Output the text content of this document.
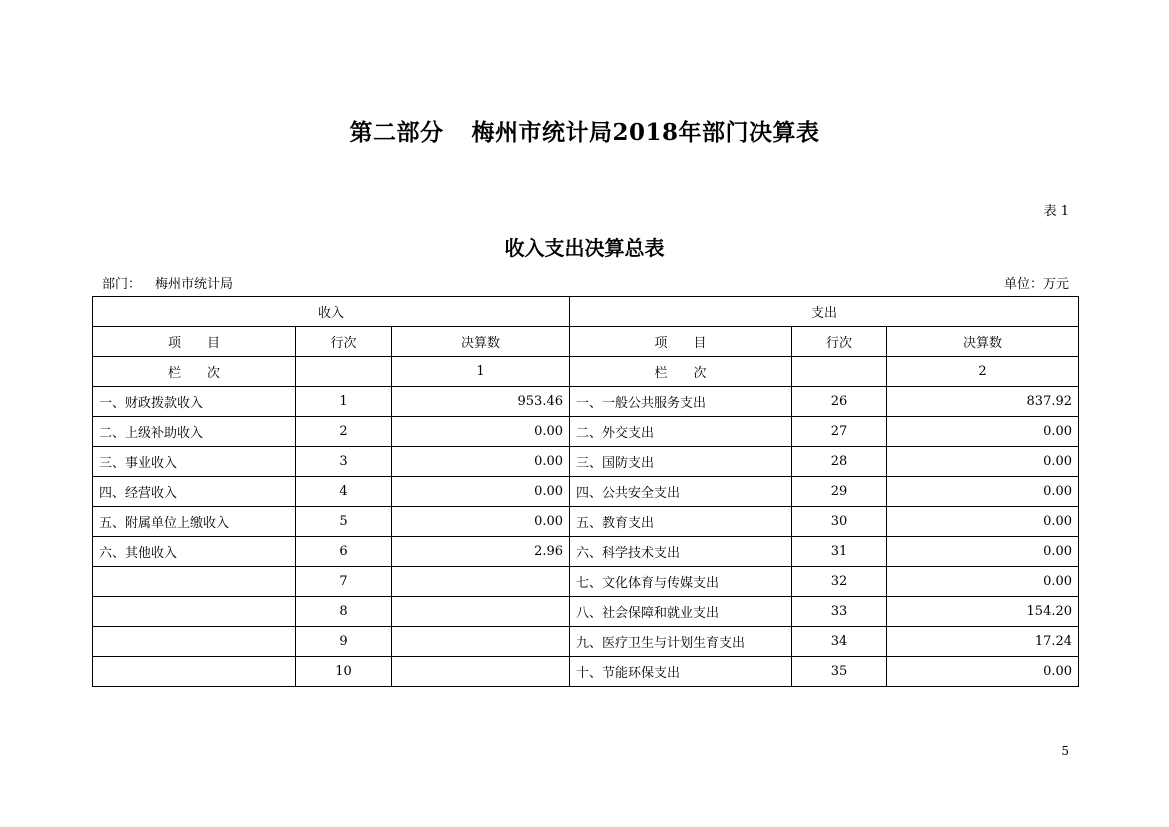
第二部分 梅州市统计局2018年部门决算表
表 1
收入支出决算总表
部门： 梅州市统计局	单位：万元
收入			支出		
项　　目	行次	决算数	项　　目	行次	决算数
栏　　次		1	栏　　次		2
一、财政拨款收入	1	953.46	一、一般公共服务支出	26	837.92
二、上级补助收入	2	0.00	二、外交支出	27	0.00
三、事业收入	3	0.00	三、国防支出	28	0.00
四、经营收入	4	0.00	四、公共安全支出	29	0.00
五、附属单位上缴收入	5	0.00	五、教育支出	30	0.00
六、其他收入	6	2.96	六、科学技术支出	31	0.00
	7		七、文化体育与传媒支出	32	0.00
	8		八、社会保障和就业支出	33	154.20
	9		九、医疗卫生与计划生育支出	34	17.24
	10		十、节能环保支出	35	0.00
5
